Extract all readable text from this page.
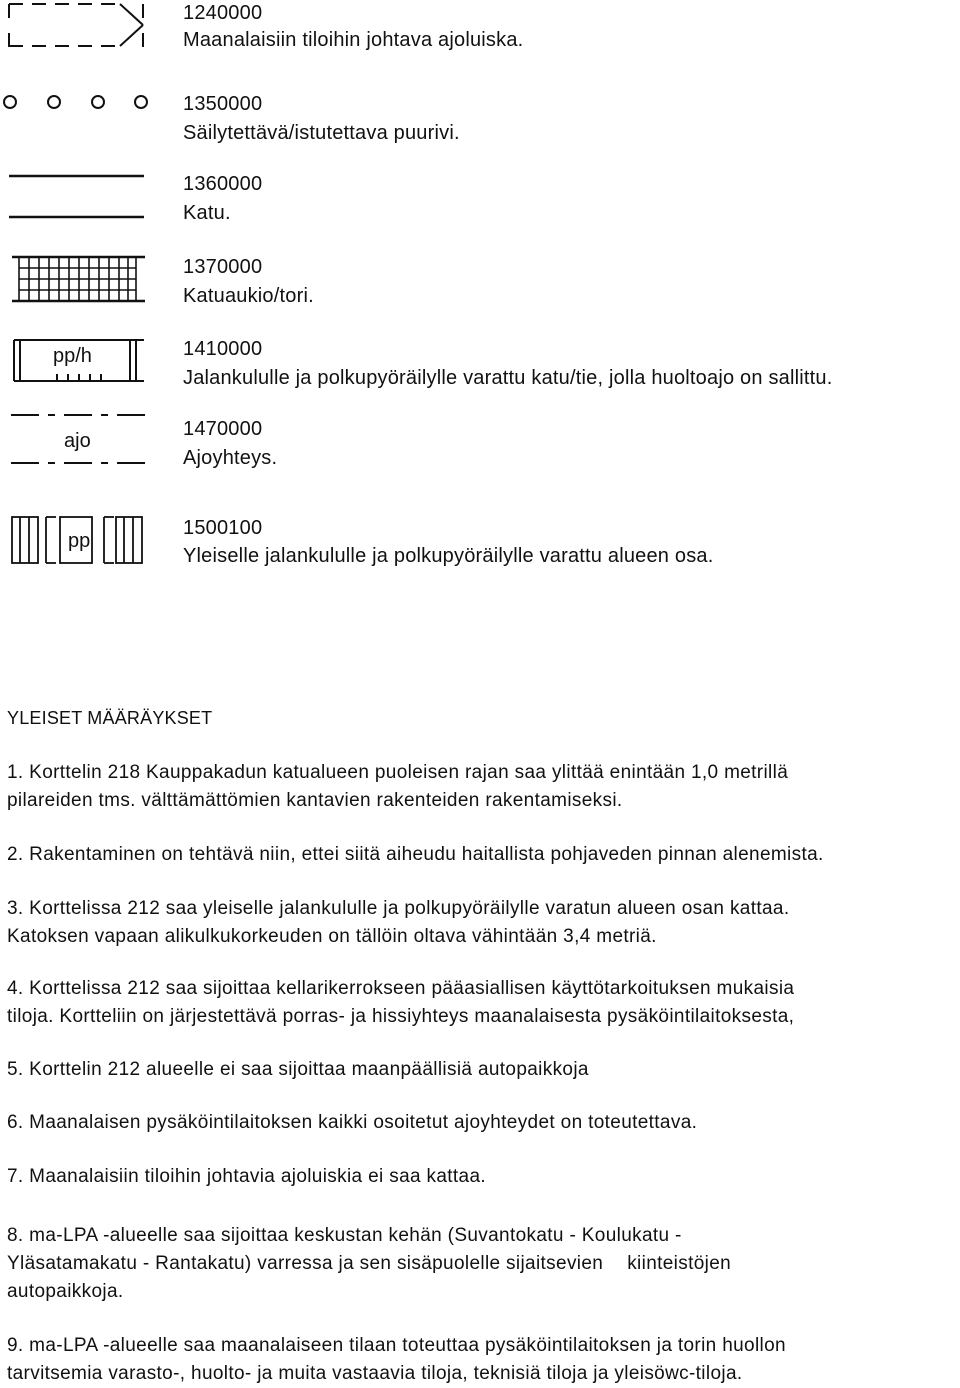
1240000
Maanalaisiin tiloihin johtava ajoluiska.
1350000
Säilytettävä/istutettava puurivi.
1360000
Katu.
1370000
Katuaukio/tori.
pp/h	1410000
Jalankululle ja polkupyöräilylle varattu katu/tie, jolla huoltoajo on sallittu.
ajo
1470000
Ajoyhteys.
pp
1500100
Yleiselle jalankululle ja polkupyöräilylle varattu alueen osa.
YLEISET MÄÄRÄYKSET
1. Korttelin 218 Kauppakadun katualueen puoleisen rajan saa ylittää enintään 1,0 metrillä
pilareiden tms. välttämättömien kantavien rakenteiden rakentamiseksi.
2. Rakentaminen on tehtävä niin, ettei siitä aiheudu haitallista pohjaveden pinnan alenemista.
3. Korttelissa 212 saa yleiselle jalankululle ja polkupyöräilylle varatun alueen osan kattaa.
Katoksen vapaan alikulkukorkeuden on tällöin oltava vähintään 3,4 metriä.
4. Korttelissa 212 saa sijoittaa kellarikerrokseen pääasiallisen käyttötarkoituksen mukaisia
tiloja. Kortteliin on järjestettävä porras- ja hissiyhteys maanalaisesta pysäköintilaitoksesta,
5. Korttelin 212 alueelle ei saa sijoittaa maanpäällisiä autopaikkoja
6. Maanalaisen pysäköintilaitoksen kaikki osoitetut ajoyhteydet on toteutettava.
7. Maanalaisiin tiloihin johtavia ajoluiskia ei saa kattaa.
8. ma-LPA -alueelle saa sijoittaa keskustan kehän (Suvantokatu - Koulukatu -
Yläsatamakatu - Rantakatu) varressa ja sen sisäpuolelle sijaitsevien kiinteistöjen
autopaikkoja.
9. ma-LPA -alueelle saa maanalaiseen tilaan toteuttaa pysäköintilaitoksen ja torin huollon
tarvitsemia varasto-, huolto- ja muita vastaavia tiloja, teknisiä tiloja ja yleisöwc-tiloja.
